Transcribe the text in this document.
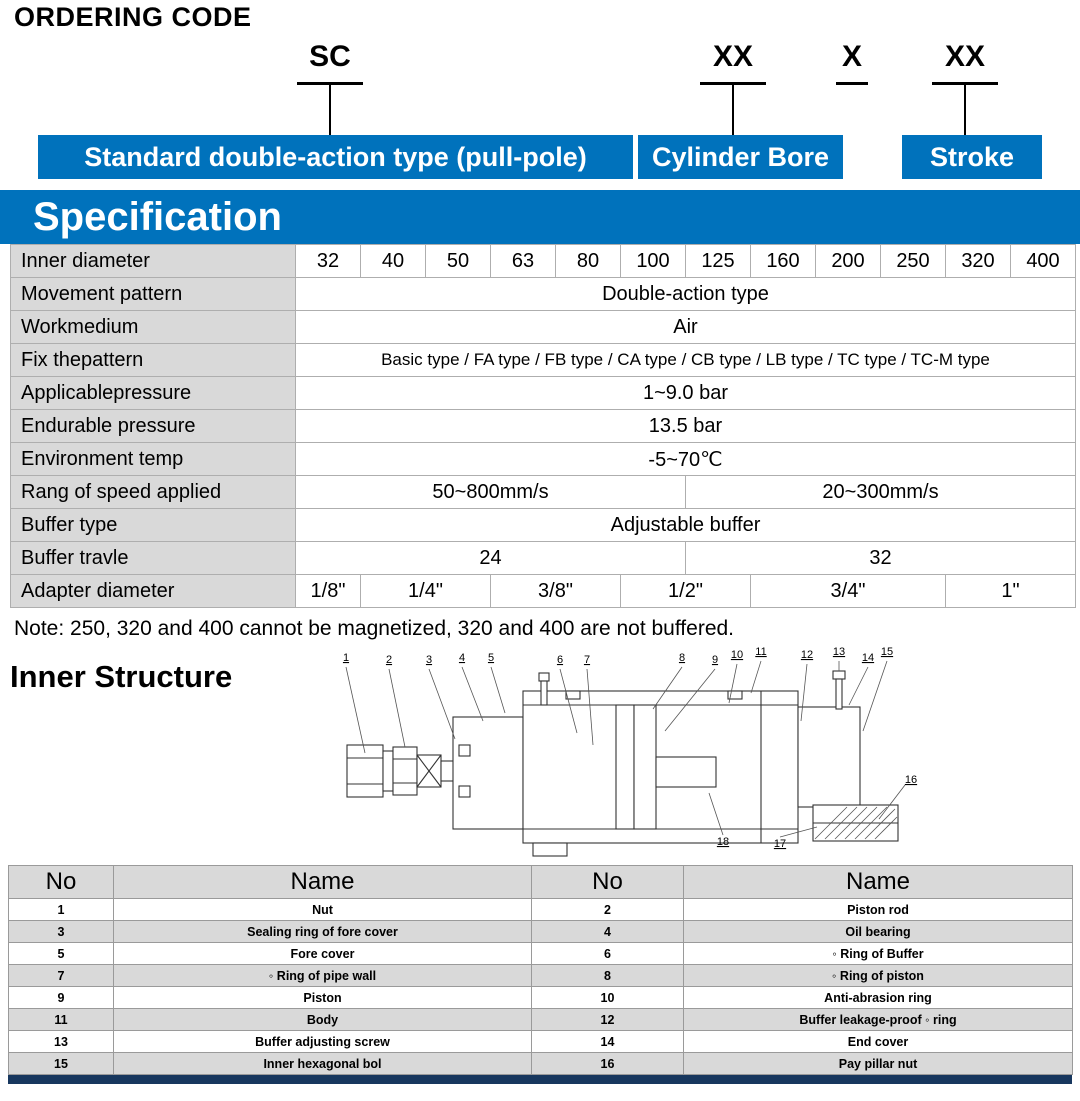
ORDERING CODE
SC	XX	X	XX
Standard double-action type (pull-pole)	Cylinder Bore	Stroke
Specification
Inner diameter	32	40	50	63	80	100	125	160	200	250	320	400
Movement pattern	Double-action type											
Workmedium	Air											
Fix thepattern	Basic type / FA type / FB type / CA type / CB type / LB type / TC type / TC-M type											
Applicablepressure	1~9.0 bar											
Endurable pressure	13.5 bar											
Environment temp	-5~70℃											
Rang of speed applied	50~800mm/s						20~300mm/s					
Buffer type	Adjustable buffer											
Buffer travle	24						32					
Adapter diameter	1/8"	1/4"		3/8"		1/2"		3/4"			1"	
Note: 250, 320 and 400 cannot be magnetized, 320 and 400 are not buffered.
Inner Structure
1	2	3 4 5	6 7	8 9 10 11	12 13 14 15
16
17
18
No	Name	No	Name
1	Nut	2	Piston rod
3	Sealing ring of fore cover	4	Oil bearing
5	Fore cover	6	◦ Ring of Buffer
7	◦ Ring of pipe wall	8	◦ Ring of piston
9	Piston	10	Anti-abrasion ring
11	Body	12	Buffer leakage-proof ◦ ring
13	Buffer adjusting screw	14	End cover
15	Inner hexagonal bol	16	Pay pillar nut
